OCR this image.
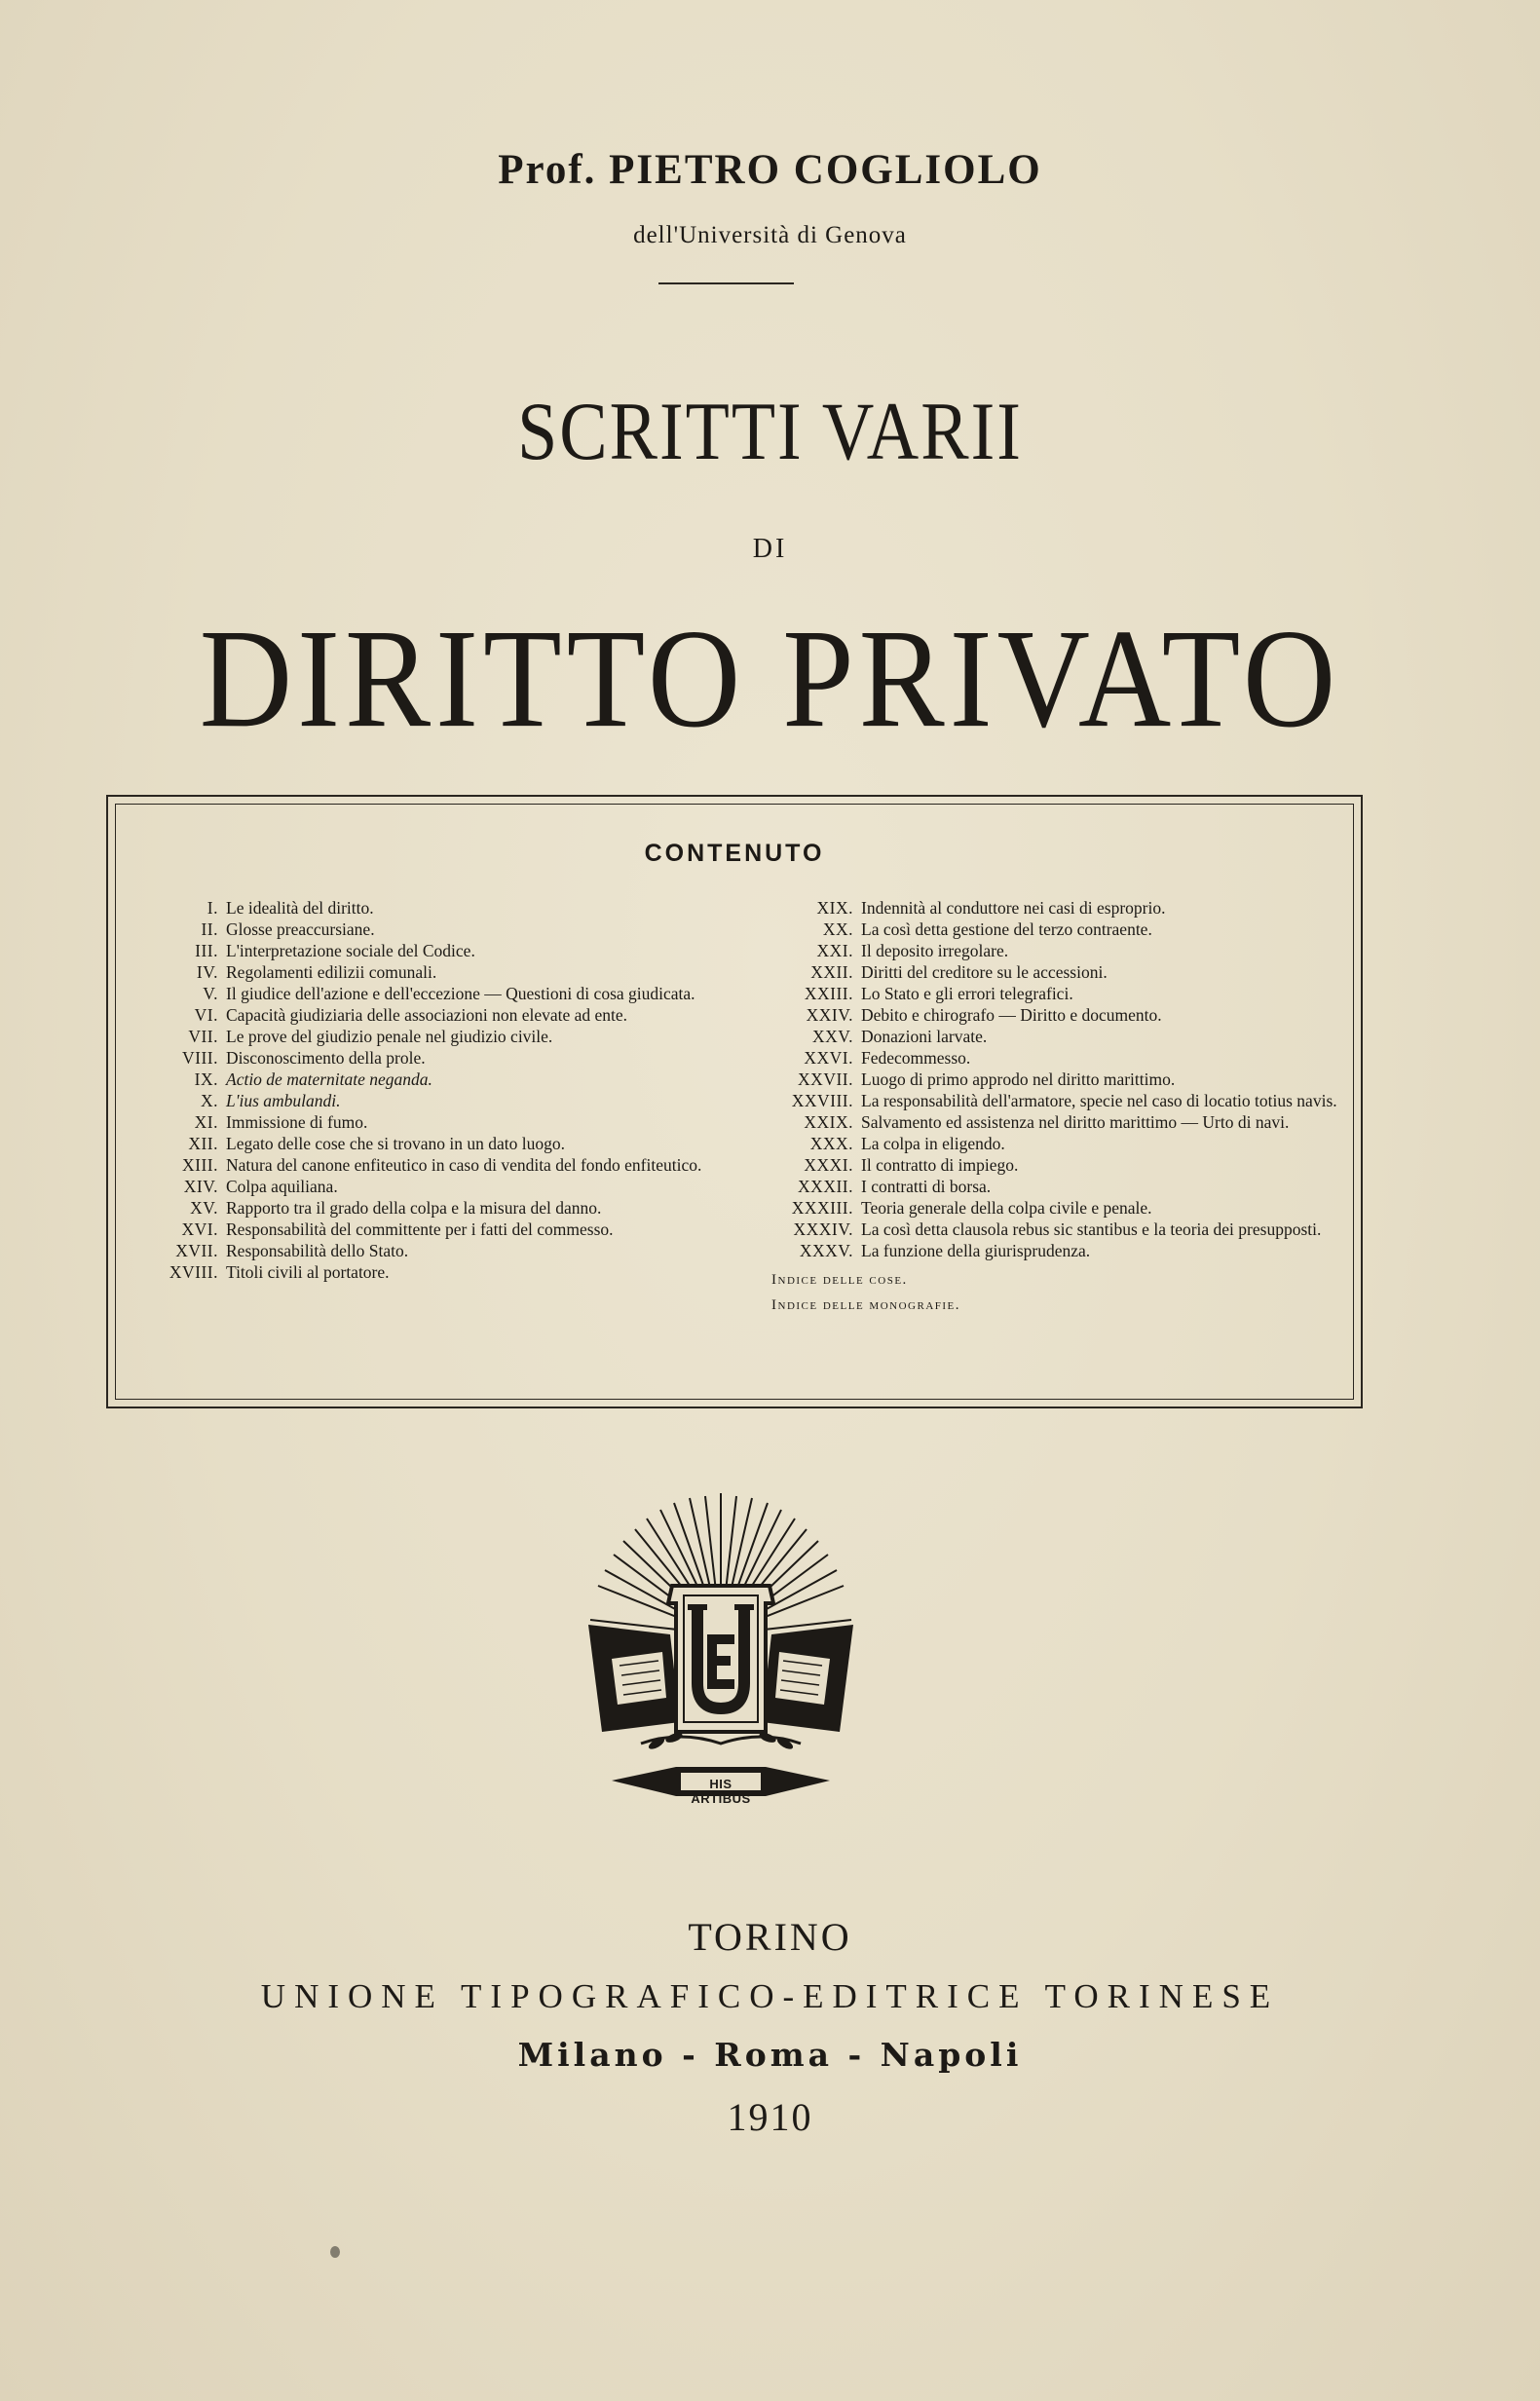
Prof. PIETRO COGLIOLO
dell'Università di Genova
SCRITTI VARII
DI
DIRITTO PRIVATO
CONTENUTO
I. Le idealità del diritto.
II. Glosse preaccursiane.
III. L'interpretazione sociale del Codice.
IV. Regolamenti edilizii comunali.
V. Il giudice dell'azione e dell'eccezione — Questioni di cosa giudicata.
VI. Capacità giudiziaria delle associazioni non elevate ad ente.
VII. Le prove del giudizio penale nel giudizio civile.
VIII. Disconoscimento della prole.
IX. Actio de maternitate neganda.
X. L'ius ambulandi.
XI. Immissione di fumo.
XII. Legato delle cose che si trovano in un dato luogo.
XIII. Natura del canone enfiteutico in caso di vendita del fondo enfiteutico.
XIV. Colpa aquiliana.
XV. Rapporto tra il grado della colpa e la misura del danno.
XVI. Responsabilità del committente per i fatti del commesso.
XVII. Responsabilità dello Stato.
XVIII. Titoli civili al portatore.
XIX. Indennità al conduttore nei casi di esproprio.
XX. La così detta gestione del terzo contraente.
XXI. Il deposito irregolare.
XXII. Diritti del creditore su le accessioni.
XXIII. Lo Stato e gli errori telegrafici.
XXIV. Debito e chirografo — Diritto e documento.
XXV. Donazioni larvate.
XXVI. Fedecommesso.
XXVII. Luogo di primo approdo nel diritto marittimo.
XXVIII. La responsabilità dell'armatore, specie nel caso di locatio totius navis.
XXIX. Salvamento ed assistenza nel diritto marittimo — Urto di navi.
XXX. La colpa in eligendo.
XXXI. Il contratto di impiego.
XXXII. I contratti di borsa.
XXXIII. Teoria generale della colpa civile e penale.
XXXIV. La così detta clausola rebus sic stantibus e la teoria dei presupposti.
XXXV. La funzione della giurisprudenza.
Indice delle cose.
Indice delle monografie.
HIS ARTIBUS
TORINO
UNIONE TIPOGRAFICO-EDITRICE TORINESE
Milano - Roma - Napoli
1910
